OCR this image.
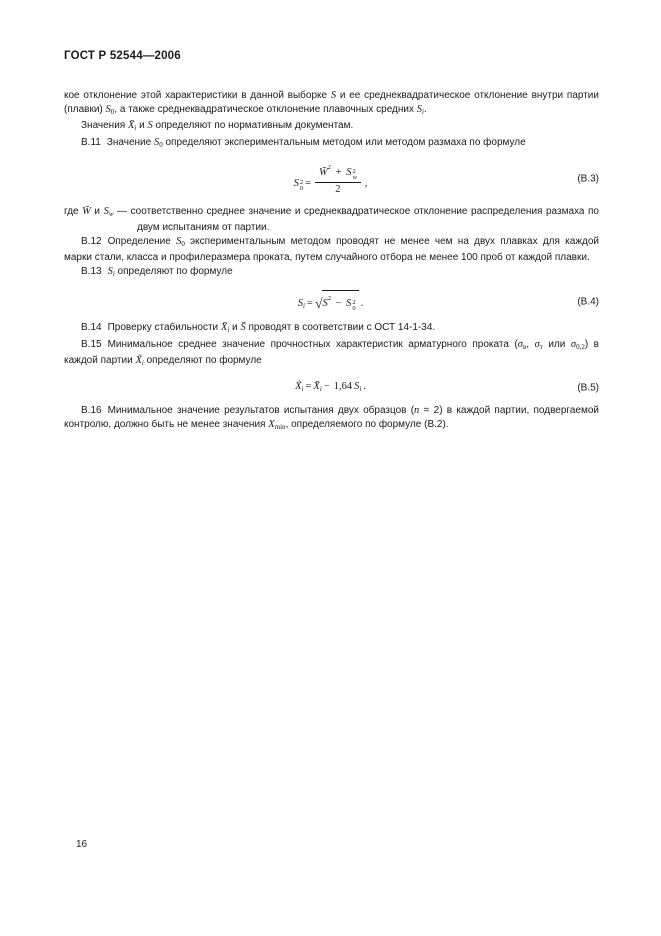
ГОСТ Р 52544—2006

кое отклонение этой характеристики в данной выборке S и ее среднеквадратическое отклонение внутри партии (плавки) $S_0$, а также среднеквадратическое отклонение плавочных средних $S_i$.

Значения $X̄_i$ и S определяют по нормативным документам.

В.11 Значение $S_0$ определяют экспериментальным методом или методом размаха по формуле

S 2
0 = W̄$^2$ + S 2
w
2 ,	(В.3)

где W̄ и $S_w$ — соответственно среднее значение и среднеквадратическое отклонение распределения размаха по двум испытаниям от партии.

В.12 Определение $S_0$ экспериментальным методом проводят не менее чем на двух плавках для каждой марки стали, класса и профилеразмера проката, путем случайного отбора не менее 100 проб от каждой плавки.

В.13 $S_i$ определяют по формуле

$Si = √S^2 - S$ 2
0 .	(В.4)

В.14 Проверку стабильности $X̄_i$ и S̄ проводят в соответствии с ОСТ 14-1-34.

В.15 Минимальное среднее значение прочностных характеристик арматурного проката ($\sigma_в$, $\sigma_т$ или $\sigma_{0,2}$) в каждой партии $X̃_i$ определяют по формуле

X̃i = X̄i − 1,64 Si .	(В.5)

В.16 Минимальное значение результатов испытания двух образцов (n = 2) в каждой партии, подвергаемой контролю, должно быть не менее значения $X_{min}$, определяемого по формуле (В.2).

16
